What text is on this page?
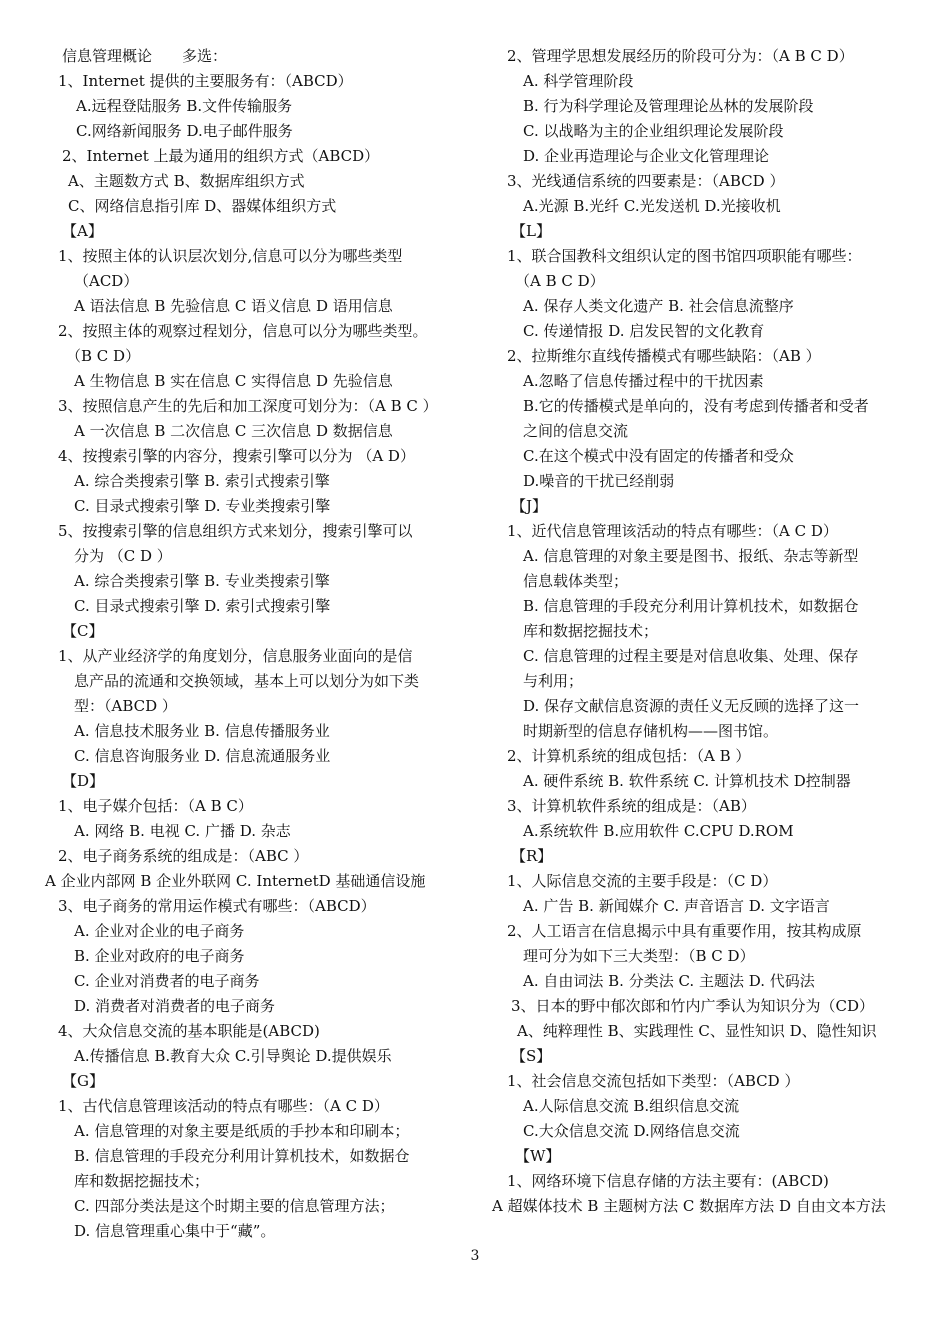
信息管理概论　　多选：
1、Internet 提供的主要服务有：（ABCD）
A.远程登陆服务 B.文件传输服务
C.网络新闻服务 D.电子邮件服务
2、Internet 上最为通用的组织方式（ABCD）
A、主题数方式 B、数据库组织方式
C、网络信息指引库 D、器媒体组织方式
【A】
1、按照主体的认识层次划分,信息可以分为哪些类型
（ACD）
A 语法信息 B 先验信息 C 语义信息 D 语用信息
2、按照主体的观察过程划分，信息可以分为哪些类型。
（B C D）
A 生物信息 B 实在信息 C 实得信息 D 先验信息
3、按照信息产生的先后和加工深度可划分为：（A B C ）
A 一次信息 B 二次信息 C 三次信息 D 数据信息
4、按搜索引擎的内容分，搜索引擎可以分为 （A D）
A. 综合类搜索引擎 B. 索引式搜索引擎
C. 目录式搜索引擎 D. 专业类搜索引擎
5、按搜索引擎的信息组织方式来划分，搜索引擎可以
分为 （C D ）
A. 综合类搜索引擎 B. 专业类搜索引擎
C. 目录式搜索引擎 D. 索引式搜索引擎
【C】
1、从产业经济学的角度划分，信息服务业面向的是信
息产品的流通和交换领域，基本上可以划分为如下类
型：（ABCD ）
A. 信息技术服务业 B. 信息传播服务业
C. 信息咨询服务业 D. 信息流通服务业
【D】
1、电子媒介包括：（A B C）
A. 网络 B. 电视 C. 广播 D. 杂志
2、电子商务系统的组成是：（ABC ）
A 企业内部网 B 企业外联网 C. InternetD 基础通信设施
3、电子商务的常用运作模式有哪些：（ABCD）
A. 企业对企业的电子商务
B. 企业对政府的电子商务
C. 企业对消费者的电子商务
D. 消费者对消费者的电子商务
4、大众信息交流的基本职能是(ABCD)
A.传播信息 B.教育大众 C.引导舆论 D.提供娱乐
【G】
1、古代信息管理该活动的特点有哪些：（A C D）
A. 信息管理的对象主要是纸质的手抄本和印刷本；
B. 信息管理的手段充分利用计算机技术，如数据仓
库和数据挖掘技术；
C. 四部分类法是这个时期主要的信息管理方法；
D. 信息管理重心集中于“藏”。
2、管理学思想发展经历的阶段可分为：（A B C D）
A. 科学管理阶段
B. 行为科学理论及管理理论丛林的发展阶段
C. 以战略为主的企业组织理论发展阶段
D. 企业再造理论与企业文化管理理论
3、光线通信系统的四要素是：（ABCD ）
A.光源 B.光纤 C.光发送机 D.光接收机
【L】
1、联合国教科文组织认定的图书馆四项职能有哪些：
（A B C D）
A. 保存人类文化遗产 B. 社会信息流整序
C. 传递情报 D. 启发民智的文化教育
2、拉斯维尔直线传播模式有哪些缺陷：（AB ）
A.忽略了信息传播过程中的干扰因素
B.它的传播模式是单向的，没有考虑到传播者和受者
之间的信息交流
C.在这个模式中没有固定的传播者和受众
D.噪音的干扰已经削弱
【J】
1、近代信息管理该活动的特点有哪些：（A C D）
A. 信息管理的对象主要是图书、报纸、杂志等新型
信息载体类型；
B. 信息管理的手段充分利用计算机技术，如数据仓
库和数据挖掘技术；
C. 信息管理的过程主要是对信息收集、处理、保存
与利用；
D. 保存文献信息资源的责任义无反顾的选择了这一
时期新型的信息存储机构——图书馆。
2、计算机系统的组成包括：（A B ）
A. 硬件系统 B. 软件系统 C. 计算机技术 D控制器
3、计算机软件系统的组成是：（AB）
A.系统软件 B.应用软件 C.CPU D.ROM
【R】
1、人际信息交流的主要手段是：（C D）
A. 广告 B. 新闻媒介 C. 声音语言 D. 文字语言
2、人工语言在信息揭示中具有重要作用，按其构成原
理可分为如下三大类型：（B C D）
A. 自由词法 B. 分类法 C. 主题法 D. 代码法
3、日本的野中郁次郎和竹内广季认为知识分为（CD）
A、纯粹理性 B、实践理性 C、显性知识 D、隐性知识
【S】
1、社会信息交流包括如下类型：（ABCD ）
A.人际信息交流 B.组织信息交流
C.大众信息交流 D.网络信息交流
【W】
1、网络环境下信息存储的方法主要有：(ABCD)
A 超媒体技术 B 主题树方法 C 数据库方法 D 自由文本方法
3
